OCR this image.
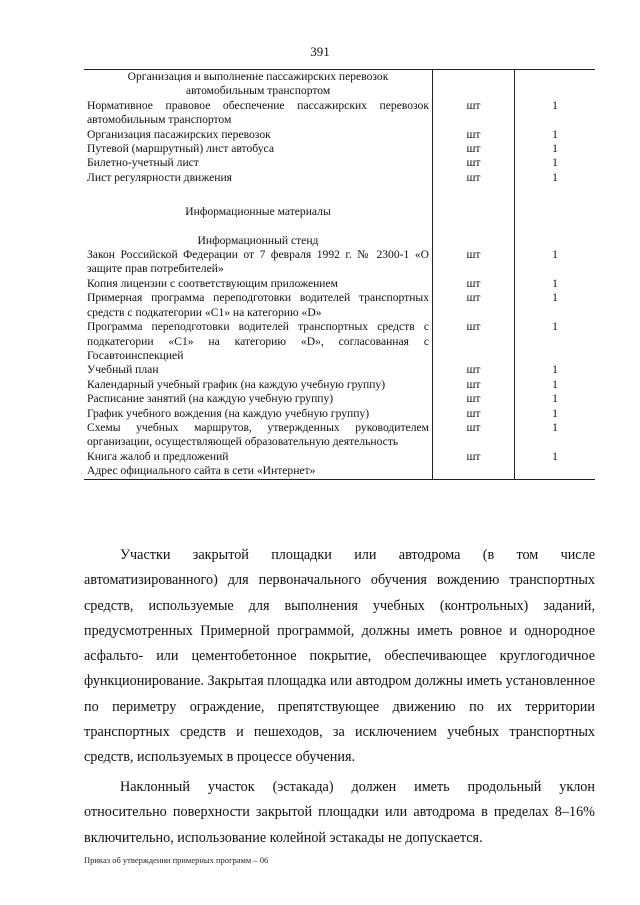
391
Организация и выполнение пассажирских перевозок автомобильным транспортом		
Нормативное правовое обеспечение пассажирских перевозок автомобильным транспортом	шт	1
Организация пасажирских перевозок	шт	1
Путевой (маршрутный) лист автобуса	шт	1
Билетно-учетный лист	шт	1
Лист регулярности движения	шт	1
Информационные материалы		
Информационный стенд		
Закон Российской Федерации от 7 февраля 1992 г. № 2300-1 «О защите прав потребителей»	шт	1
Копия лицензии с соответствующим приложением	шт	1
Примерная программа переподготовки водителей транспортных средств с подкатегории «C1» на категорию «D»	шт	1
Программа переподготовки водителей транспортных средств с подкатегории «C1» на категорию «D», согласованная с Госавтоинспекцией	шт	1
Учебный план	шт	1
Календарный учебный график (на каждую учебную группу)	шт	1
Расписание занятий (на каждую учебную группу)	шт	1
График учебного вождения (на каждую учебную группу)	шт	1
Схемы учебных маршрутов, утвержденных руководителем организации, осуществляющей образовательную деятельность	шт	1
Книга жалоб и предложений	шт	1
Адрес официального сайта в сети «Интернет»		

Участки закрытой площадки или автодрома (в том числе автоматизированного) для первоначального обучения вождению транспортных средств, используемые для выполнения учебных (контрольных) заданий, предусмотренных Примерной программой, должны иметь ровное и однородное асфальто- или цементобетонное покрытие, обеспечивающее круглогодичное функционирование. Закрытая площадка или автодром должны иметь установленное по периметру ограждение, препятствующее движению по их территории транспортных средств и пешеходов, за исключением учебных транспортных средств, используемых в процессе обучения.

Наклонный участок (эстакада) должен иметь продольный уклон относительно поверхности закрытой площадки или автодрома в пределах 8–16% включительно, использование колейной эстакады не допускается.

Приказ об утверждении примерных программ – 06
